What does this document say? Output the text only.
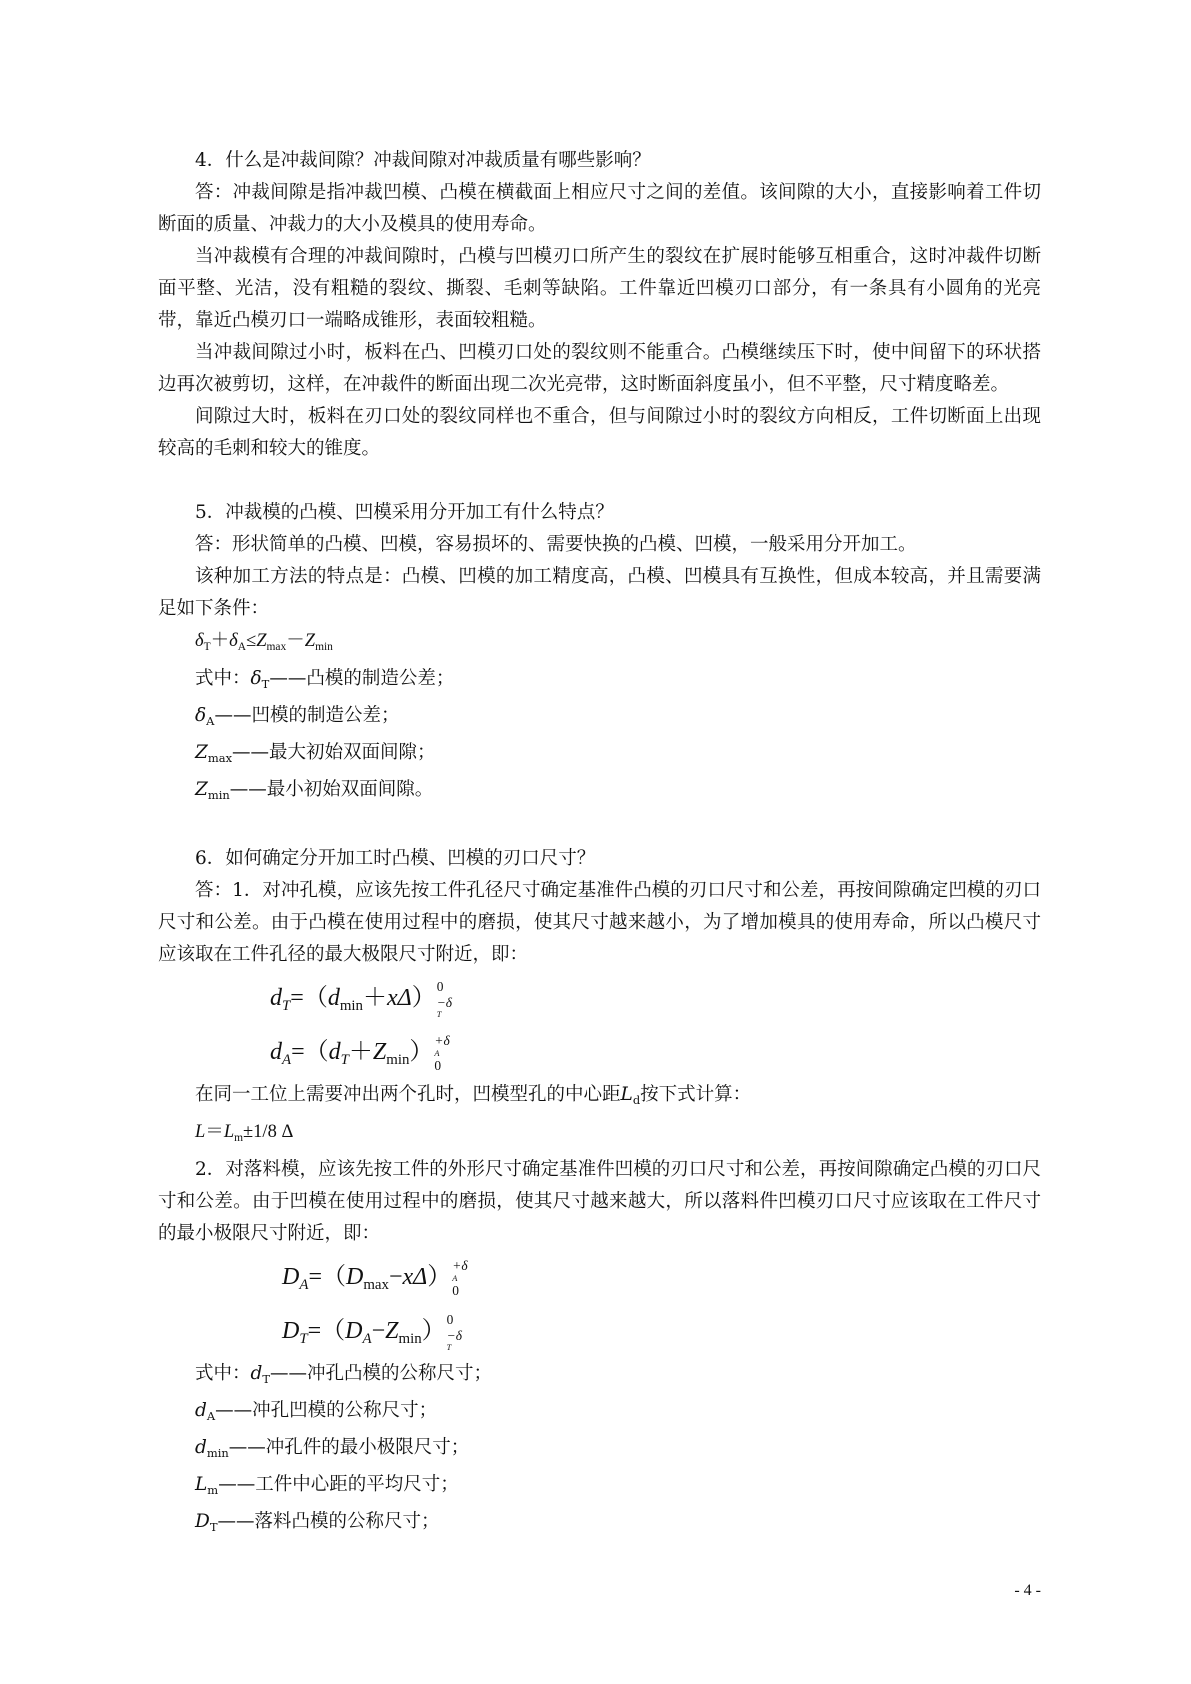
4．什么是冲裁间隙？冲裁间隙对冲裁质量有哪些影响？

答：冲裁间隙是指冲裁凹模、凸模在横截面上相应尺寸之间的差值。该间隙的大小，直接影响着工件切断面的质量、冲裁力的大小及模具的使用寿命。

当冲裁模有合理的冲裁间隙时，凸模与凹模刃口所产生的裂纹在扩展时能够互相重合，这时冲裁件切断面平整、光洁，没有粗糙的裂纹、撕裂、毛刺等缺陷。工件靠近凹模刃口部分，有一条具有小圆角的光亮带，靠近凸模刃口一端略成锥形，表面较粗糙。

当冲裁间隙过小时，板料在凸、凹模刃口处的裂纹则不能重合。凸模继续压下时，使中间留下的环状搭边再次被剪切，这样，在冲裁件的断面出现二次光亮带，这时断面斜度虽小，但不平整，尺寸精度略差。

间隙过大时，板料在刃口处的裂纹同样也不重合，但与间隙过小时的裂纹方向相反，工件切断面上出现较高的毛刺和较大的锥度。

5．冲裁模的凸模、凹模采用分开加工有什么特点？

答：形状简单的凸模、凹模，容易损坏的、需要快换的凸模、凹模，一般采用分开加工。

该种加工方法的特点是：凸模、凹模的加工精度高，凸模、凹模具有互换性，但成本较高，并且需要满足如下条件：

$\delta_T+\delta_A\le Z_{max}-Z_{min}$

式中：$\delta_T——$凸模的制造公差；

$\delta_A——$凹模的制造公差；

$Z_{max}——$最大初始双面间隙；

$Z_{min}——$最小初始双面间隙。

6．如何确定分开加工时凸模、凹模的刃口尺寸？

答：1．对冲孔模，应该先按工件孔径尺寸确定基准件凸模的刃口尺寸和公差，再按间隙确定凹模的刃口尺寸和公差。由于凸模在使用过程中的磨损，使其尺寸越来越小，为了增加模具的使用寿命，所以凸模尺寸应该取在工件孔径的最大极限尺寸附近，即：

$d_T=(d_{min}+x\Delta)$ 0
−δ
T

$d_A=(d_T+Z_{min}) +\delta$
A
0

在同一工位上需要冲出两个孔时，凹模型孔的中心距$L_d$按下式计算：

$L=L_m\pm 1/8$ Δ

2．对落料模，应该先按工件的外形尺寸确定基准件凹模的刃口尺寸和公差，再按间隙确定凸模的刃口尺寸和公差。由于凹模在使用过程中的磨损，使其尺寸越来越大，所以落料件凹模刃口尺寸应该取在工件尺寸的最小极限尺寸附近，即：

$D_A=(D_{max}-x\Delta) +\delta$
A
0

$D_T=(D_A-Z_{min})$ 0
−δ
T

式中：$d_T——$冲孔凸模的公称尺寸；

$d_A——$冲孔凹模的公称尺寸；

$d_{min}——$冲孔件的最小极限尺寸；

$L_m——$工件中心距的平均尺寸；

$D_T——$落料凸模的公称尺寸；

- 4 -
